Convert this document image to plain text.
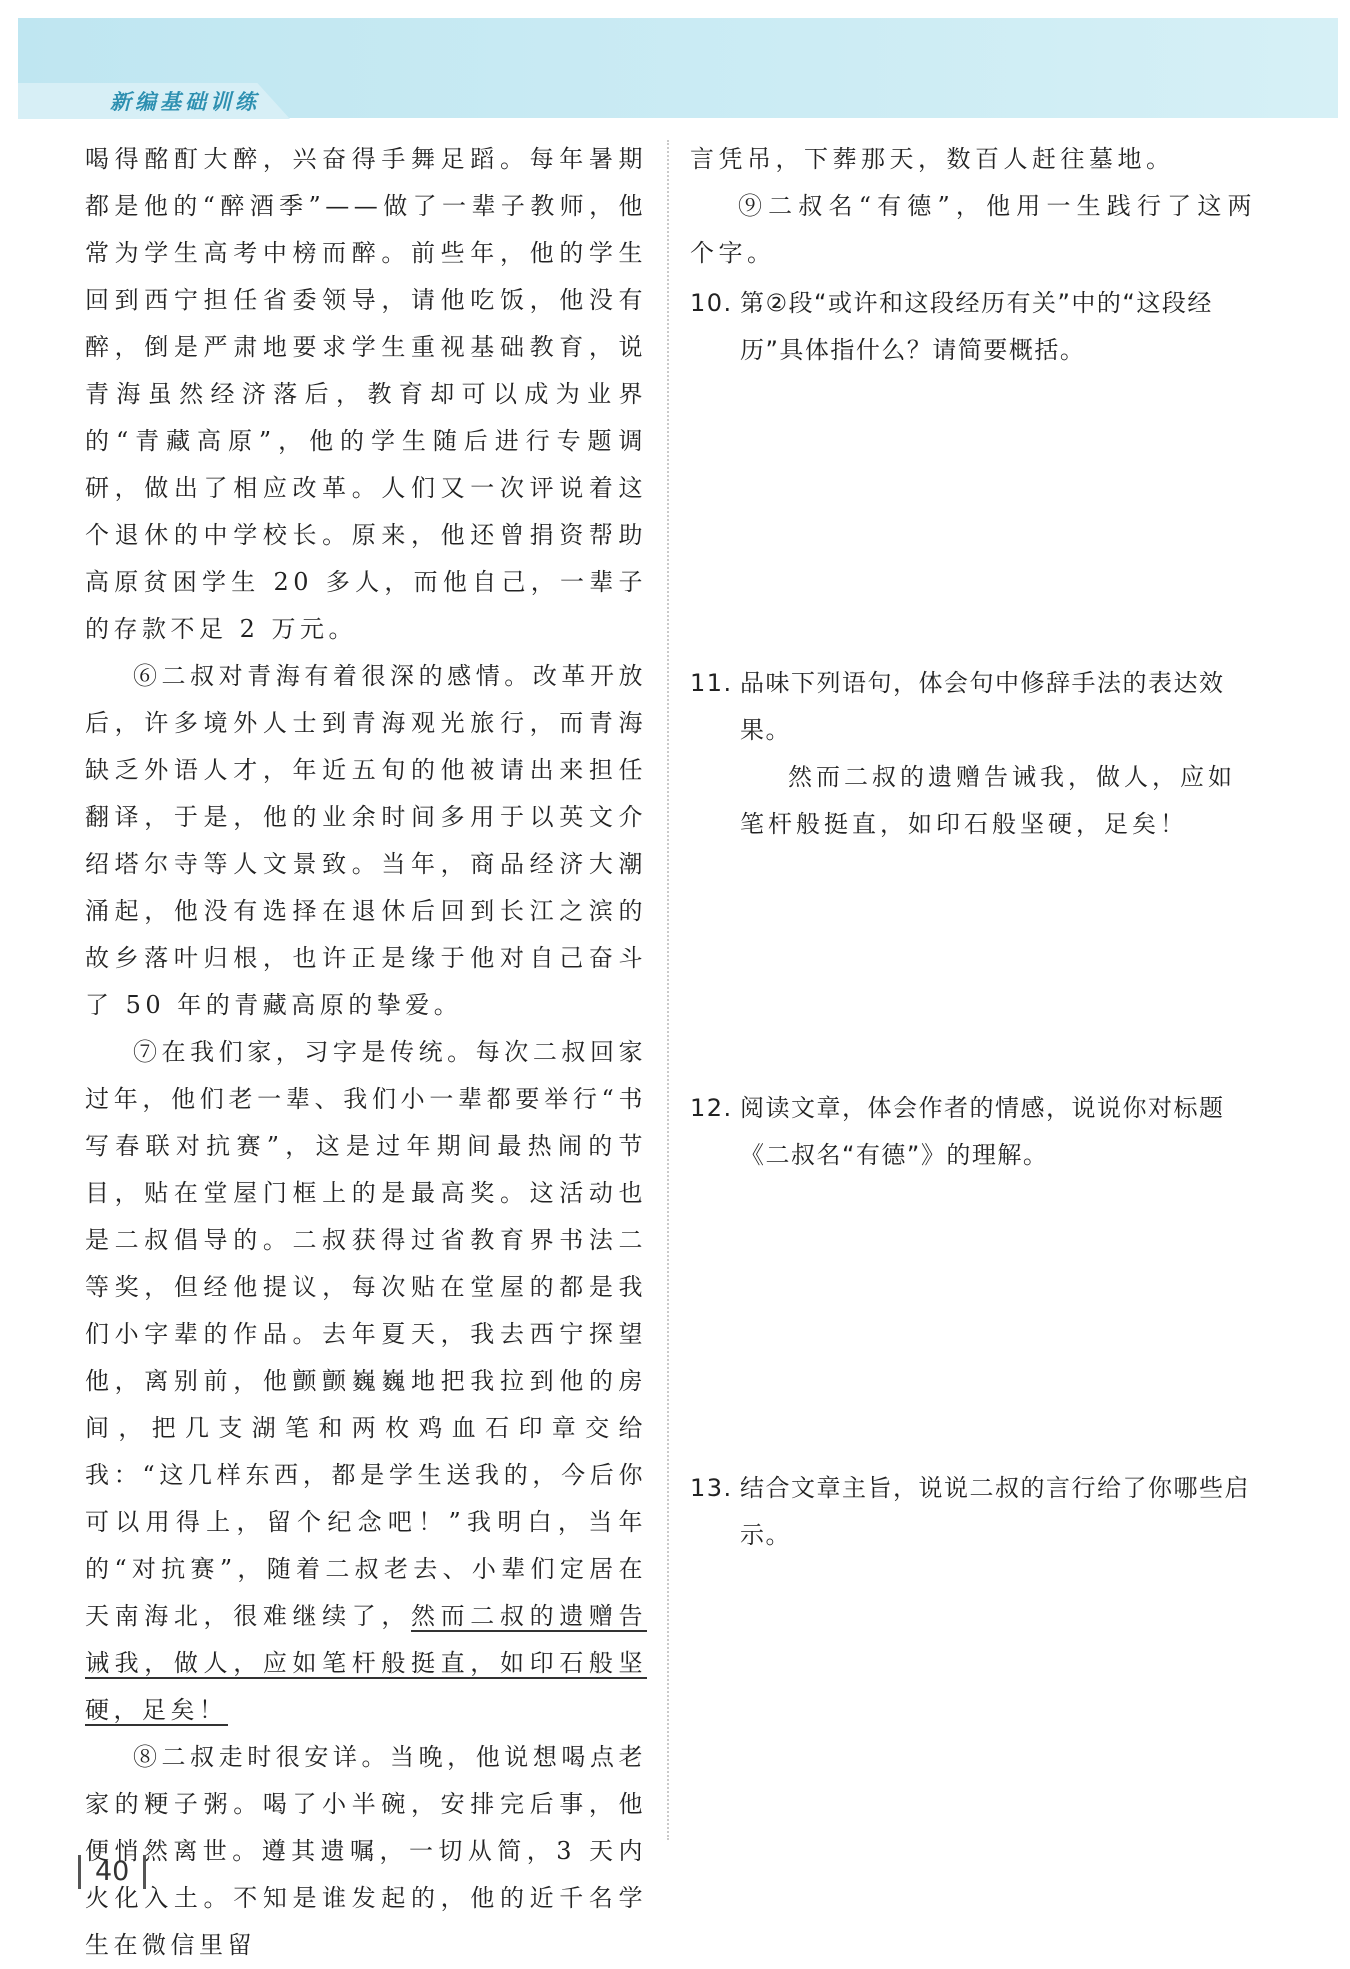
新编基础训练

喝得酩酊大醉，兴奋得手舞足蹈。每年暑期都是他的“醉酒季”——做了一辈子教师，他常为学生高考中榜而醉。前些年，他的学生回到西宁担任省委领导，请他吃饭，他没有醉，倒是严肃地要求学生重视基础教育，说青海虽然经济落后，教育却可以成为业界的“青藏高原”，他的学生随后进行专题调研，做出了相应改革。人们又一次评说着这个退休的中学校长。原来，他还曾捐资帮助高原贫困学生 20 多人，而他自己，一辈子的存款不足 2 万元。

⑥二叔对青海有着很深的感情。改革开放后，许多境外人士到青海观光旅行，而青海缺乏外语人才，年近五旬的他被请出来担任翻译，于是，他的业余时间多用于以英文介绍塔尔寺等人文景致。当年，商品经济大潮涌起，他没有选择在退休后回到长江之滨的故乡落叶归根，也许正是缘于他对自己奋斗了 50 年的青藏高原的挚爱。

⑦在我们家，习字是传统。每次二叔回家过年，他们老一辈、我们小一辈都要举行“书写春联对抗赛”，这是过年期间最热闹的节目，贴在堂屋门框上的是最高奖。这活动也是二叔倡导的。二叔获得过省教育界书法二等奖，但经他提议，每次贴在堂屋的都是我们小字辈的作品。去年夏天，我去西宁探望他，离别前，他颤颤巍巍地把我拉到他的房间，把几支湖笔和两枚鸡血石印章交给我：“这几样东西，都是学生送我的，今后你可以用得上，留个纪念吧！”我明白，当年的“对抗赛”，随着二叔老去、小辈们定居在天南海北，很难继续了，然而二叔的遗赠告诫我，做人，应如笔杆般挺直，如印石般坚硬，足矣！

⑧二叔走时很安详。当晚，他说想喝点老家的粳子粥。喝了小半碗，安排完后事，他便悄然离世。遵其遗嘱，一切从简，3 天内火化入土。不知是谁发起的，他的近千名学生在微信里留

言凭吊，下葬那天，数百人赶往墓地。

⑨二叔名“有德”，他用一生践行了这两个字。

10. 第②段“或许和这段经历有关”中的“这段经历”具体指什么？请简要概括。
11. 品味下列语句，体会句中修辞手法的表达效果。
然而二叔的遗赠告诫我，做人，应如笔杆般挺直，如印石般坚硬，足矣！
12. 阅读文章，体会作者的情感，说说你对标题《二叔名“有德”》的理解。
13. 结合文章主旨，说说二叔的言行给了你哪些启示。
40
